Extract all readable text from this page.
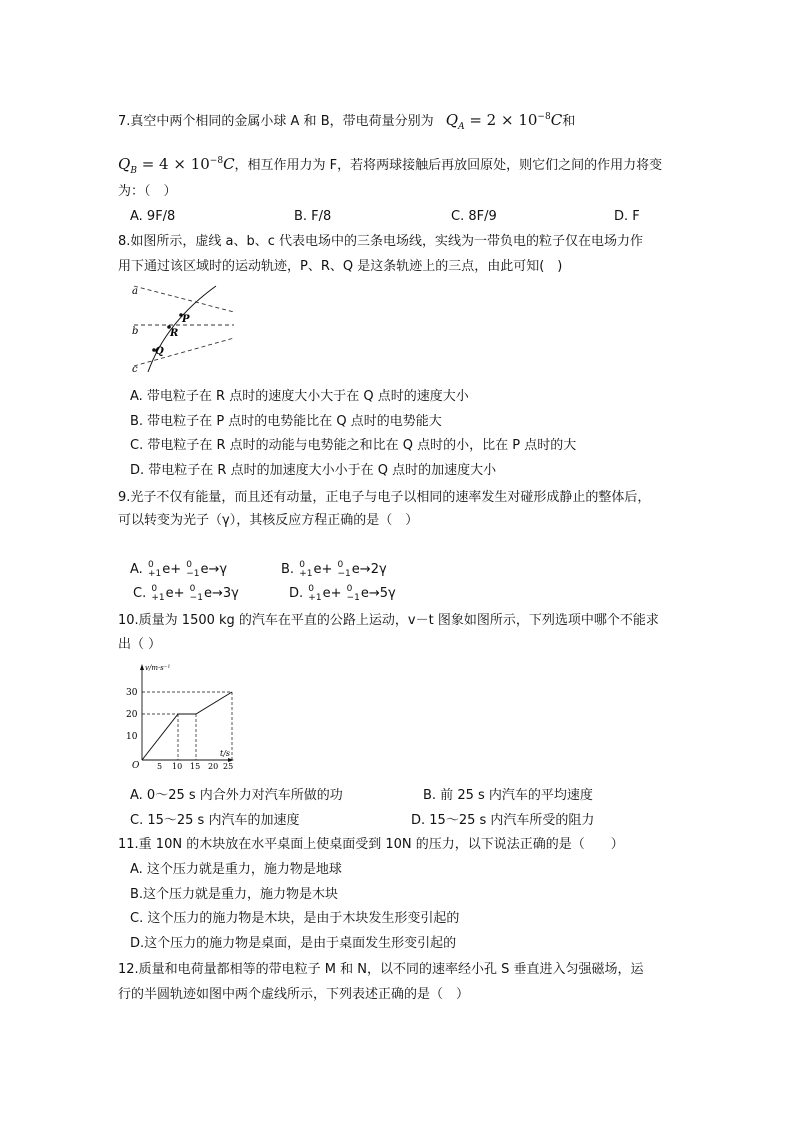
7.真空中两个相同的金属小球 A 和 B，带电荷量分别为 $Q_A = 2 \times 10^{-8}C$和
$Q_B = 4 \times 10^{-8}C$，相互作用力为 F，若将两球接触后再放回原处，则它们之间的作用力将变
为：（　）
A. 9F/8	B. F/8	C. 8F/9	D. F
8.如图所示，虚线 a、b、c 代表电场中的三条电场线，实线为一带负电的粒子仅在电场力作
用下通过该区域时的运动轨迹，P、R、Q 是这条轨迹上的三点，由此可知(　)
a
b
c
P
R
Q
A. 带电粒子在 R 点时的速度大小大于在 Q 点时的速度大小
B. 带电粒子在 P 点时的电势能比在 Q 点时的电势能大
C. 带电粒子在 R 点时的动能与电势能之和比在 Q 点时的小，比在 P 点时的大
D. 带电粒子在 R 点时的加速度大小小于在 Q 点时的加速度大小
9.光子不仅有能量，而且还有动量，正电子与电子以相同的速率发生对碰形成静止的整体后，
可以转变为光子（γ），其核反应方程正确的是（　）
A. 0
+1 e+ 0
−1 e→γ	B. 0
+1 e+ 0
−1 e→2γ
C. 0
+1 e+ 0
−1 e→3γ	D. 0
+1 e+ 0
−1 e→5γ
10.质量为 1500 kg 的汽车在平直的公路上运动，v－t 图象如图所示，下列选项中哪个不能求
出（ ）
v/m·s⁻¹
t/s
O
30
20
10
5 10 15 20 25
A. 0～25 s 内合外力对汽车所做的功	B. 前 25 s 内汽车的平均速度
C. 15～25 s 内汽车的加速度	D. 15～25 s 内汽车所受的阻力
11.重 10N 的木块放在水平桌面上使桌面受到 10N 的压力，以下说法正确的是（　　）
A. 这个压力就是重力，施力物是地球
B.这个压力就是重力，施力物是木块
C. 这个压力的施力物是木块，是由于木块发生形变引起的
D.这个压力的施力物是桌面，是由于桌面发生形变引起的
12.质量和电荷量都相等的带电粒子 M 和 N，以不同的速率经小孔 S 垂直进入匀强磁场，运
行的半圆轨迹如图中两个虚线所示，下列表述正确的是（　）
